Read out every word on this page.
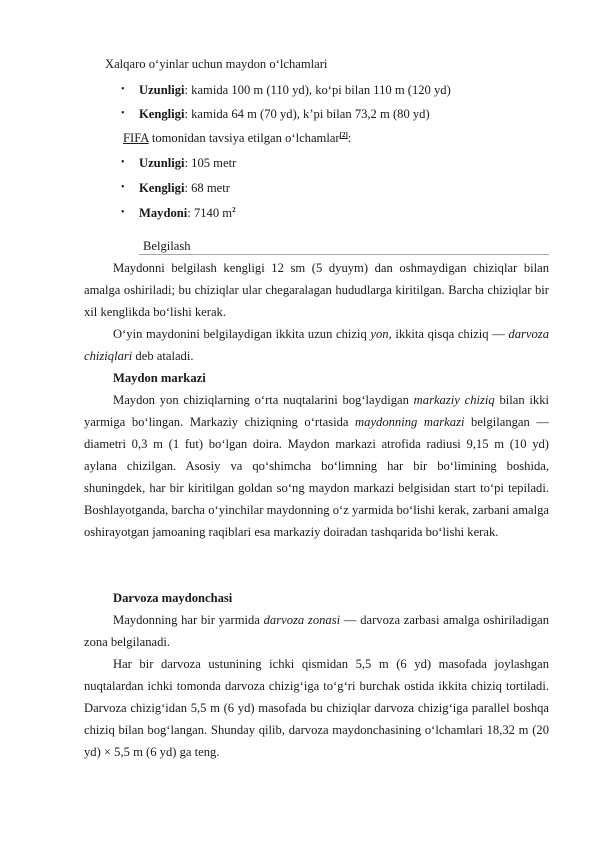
Xalqaro oʻyinlar uchun maydon oʻlchamlari
• Uzunligi: kamida 100 m (110 yd), koʻpi bilan 110 m (120 yd)
• Kengligi: kamida 64 m (70 yd), k’pi bilan 73,2 m (80 yd)
FIFA tomonidan tavsiya etilgan oʻlchamlar[2]:
• Uzunligi: 105 metr
• Kengligi: 68 metr
• Maydoni: 7140 $m^2$
Belgilash
Maydonni belgilash kengligi 12 sm (5 dyuym) dan oshmaydigan chiziqlar bilan amalga oshiriladi; bu chiziqlar ular chegaralagan hududlarga kiritilgan. Barcha chiziqlar bir xil kenglikda boʻlishi kerak.
Oʻyin maydonini belgilaydigan ikkita uzun chiziq yon, ikkita qisqa chiziq — darvoza chiziqlari deb ataladi.
Maydon markazi
Maydon yon chiziqlarning oʻrta nuqtalarini bogʻlaydigan markaziy chiziq bilan ikki yarmiga boʻlingan. Markaziy chiziqning oʻrtasida maydonning markazi belgilangan — diametri 0,3 m (1 fut) boʻlgan doira. Maydon markazi atrofida radiusi 9,15 m (10 yd) aylana chizilgan. Asosiy va qoʻshimcha boʻlimning har bir boʻlimining boshida, shuningdek, har bir kiritilgan goldan soʻng maydon markazi belgisidan start toʻpi tepiladi. Boshlayotganda, barcha oʻyinchilar maydonning oʻz yarmida boʻlishi kerak, zarbani amalga oshirayotgan jamoaning raqiblari esa markaziy doiradan tashqarida boʻlishi kerak.
Darvoza maydonchasi
Maydonning har bir yarmida darvoza zonasi — darvoza zarbasi amalga oshiriladigan zona belgilanadi.
Har bir darvoza ustunining ichki qismidan 5,5 m (6 yd) masofada joylashgan nuqtalardan ichki tomonda darvoza chizigʻiga toʻgʻri burchak ostida ikkita chiziq tortiladi. Darvoza chizigʻidan 5,5 m (6 yd) masofada bu chiziqlar darvoza chizigʻiga parallel boshqa chiziq bilan bogʻlangan. Shunday qilib, darvoza maydonchasining oʻlchamlari 18,32 m (20 yd) × 5,5 m (6 yd) ga teng.
